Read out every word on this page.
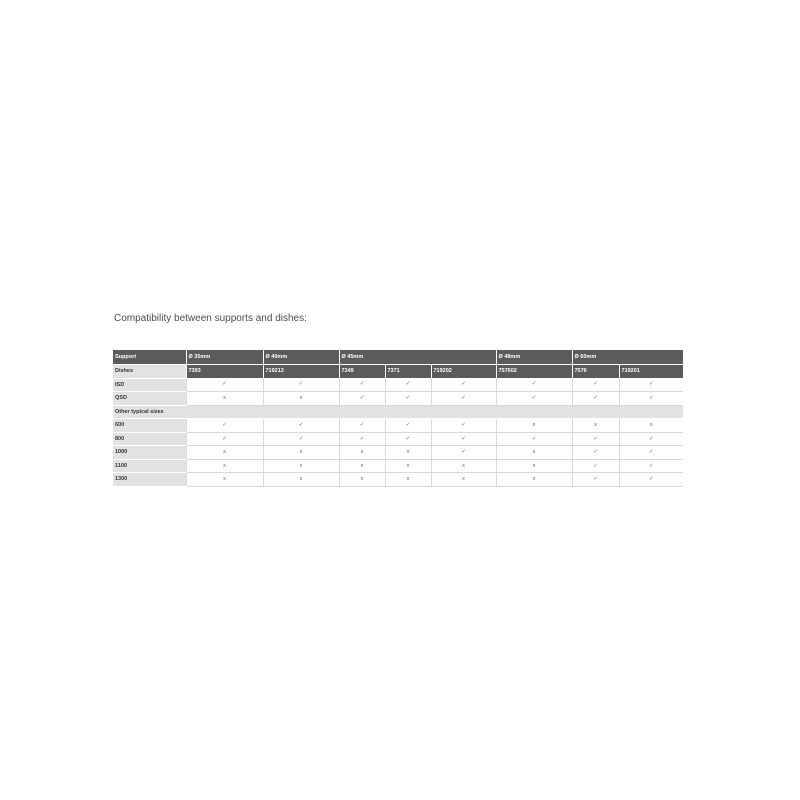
Compatibility between supports and dishes:
Support	Ø 35mm	Ø 40mm	Ø 45mm			Ø 48mm	Ø 60mm	
Dishes	7393	719213	7349	7371	719202	757602	7576	719201
ISD	✓	✓	✓	✓	✓	✓	✓	✓
QSD	x	x	✓	✓	✓	✓	✓	✓
Other typical sizes								
600	✓	✓	✓	✓	✓	x	x	x
800	✓	✓	✓	✓	✓	✓	✓	✓
1000	x	x	x	x	✓	x	✓	✓
1100	x	x	x	x	x	x	✓	✓
1300	x	x	x	x	x	x	✓	✓
